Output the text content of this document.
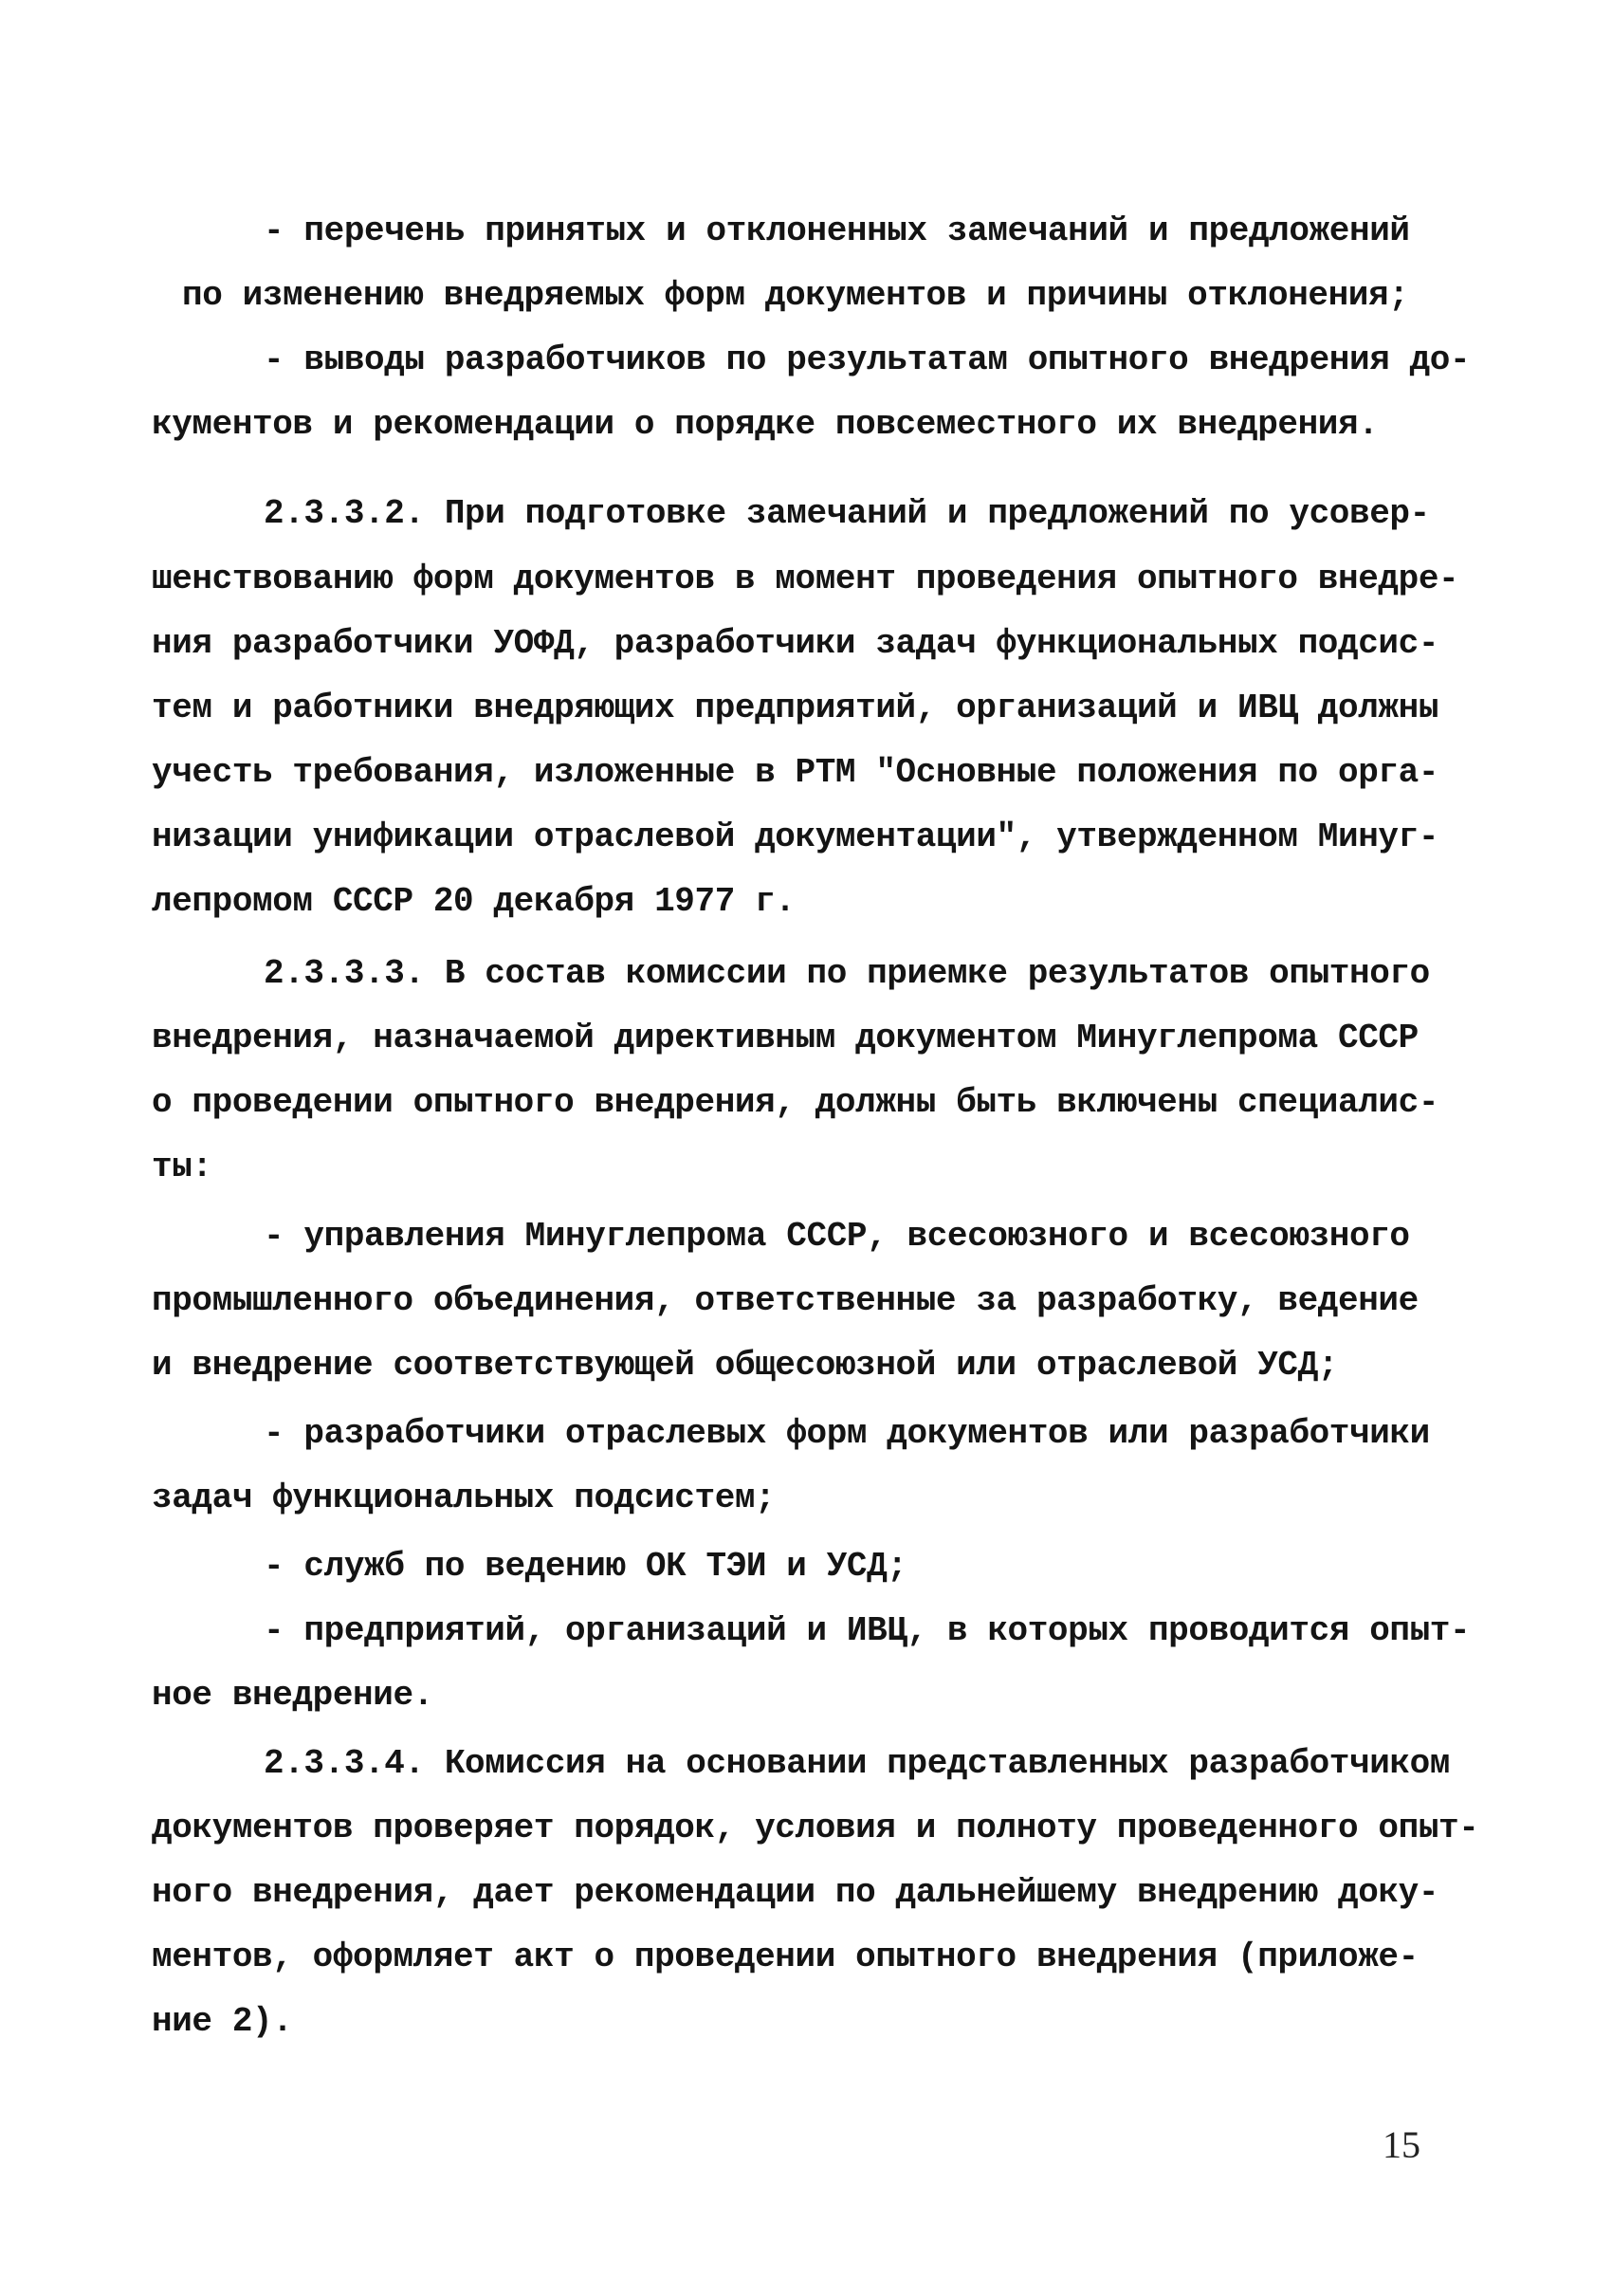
- перечень принятых и отклоненных замечаний и предложений
по изменению внедряемых форм документов и причины отклонения;
- выводы разработчиков по результатам опытного внедрения до-
кументов и рекомендации о порядке повсеместного их внедрения.
2.3.3.2. При подготовке замечаний и предложений по усовер-
шенствованию форм документов в момент проведения опытного внедре-
ния разработчики УОФД, разработчики задач функциональных подсис-
тем и работники внедряющих предприятий, организаций и ИВЦ должны
учесть требования, изложенные в РТМ "Основные положения по орга-
низации унификации отраслевой документации", утвержденном Минуг-
лепромом СССР 20 декабря 1977 г.
2.3.3.3. В состав комиссии по приемке результатов опытного
внедрения, назначаемой директивным документом Минуглепрома СССР
о проведении опытного внедрения, должны быть включены специалис-
ты:
- управления Минуглепрома СССР, всесоюзного и всесоюзного
промышленного объединения, ответственные за разработку, ведение
и внедрение соответствующей общесоюзной или отраслевой УСД;
- разработчики отраслевых форм документов или разработчики
задач функциональных подсистем;
- служб по ведению ОК ТЭИ и УСД;
- предприятий, организаций и ИВЦ, в которых проводится опыт-
ное внедрение.
2.3.3.4. Комиссия на основании представленных разработчиком
документов проверяет порядок, условия и полноту проведенного опыт-
ного внедрения, дает рекомендации по дальнейшему внедрению доку-
ментов, оформляет акт о проведении опытного внедрения (приложе-
ние 2).
15
